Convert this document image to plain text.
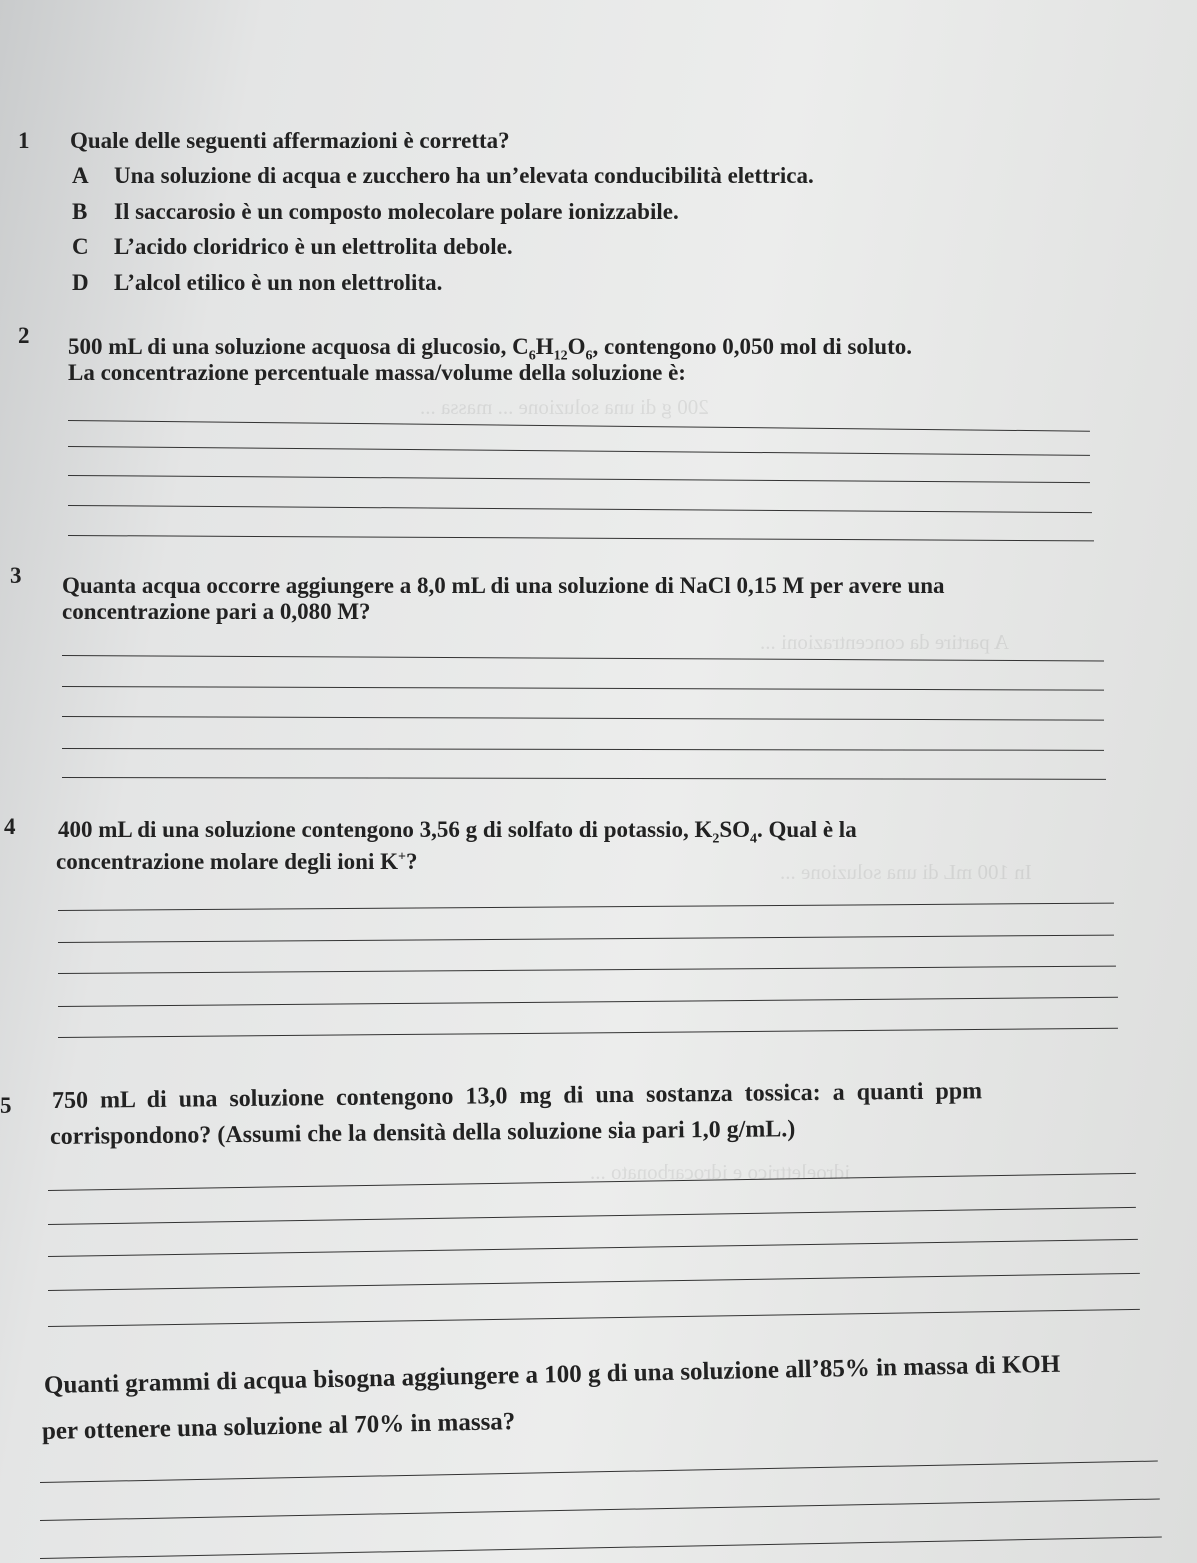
200 g di una soluzione ... massa ...
A partire da concentrazioni ...
In 100 mL di una soluzione ...
idroelettrico e idrocarbonato ...
1 Quale delle seguenti affermazioni è corretta?
A Una soluzione di acqua e zucchero ha un’elevata conducibilità elettrica.
B Il saccarosio è un composto molecolare polare ionizzabile.
C L’acido cloridrico è un elettrolita debole.
D L’alcol etilico è un non elettrolita.
2 500 mL di una soluzione acquosa di glucosio, $C_6H_{12}O_6$, contengono 0,050 mol di soluto.
La concentrazione percentuale massa/volume della soluzione è:
3 Quanta acqua occorre aggiungere a 8,0 mL di una soluzione di NaCl 0,15 M per avere una
concentrazione pari a 0,080 M?
4 400 mL di una soluzione contengono 3,56 g di solfato di potassio, $K_2SO_4$. Qual è la
concentrazione molare degli ioni K+?
5 750 mL di una soluzione contengono 13,0 mg di una sostanza tossica: a quanti ppm
corrispondono? (Assumi che la densità della soluzione sia pari 1,0 g/mL.)
Quanti grammi di acqua bisogna aggiungere a 100 g di una soluzione all’85% in massa di KOH
per ottenere una soluzione al 70% in massa?
